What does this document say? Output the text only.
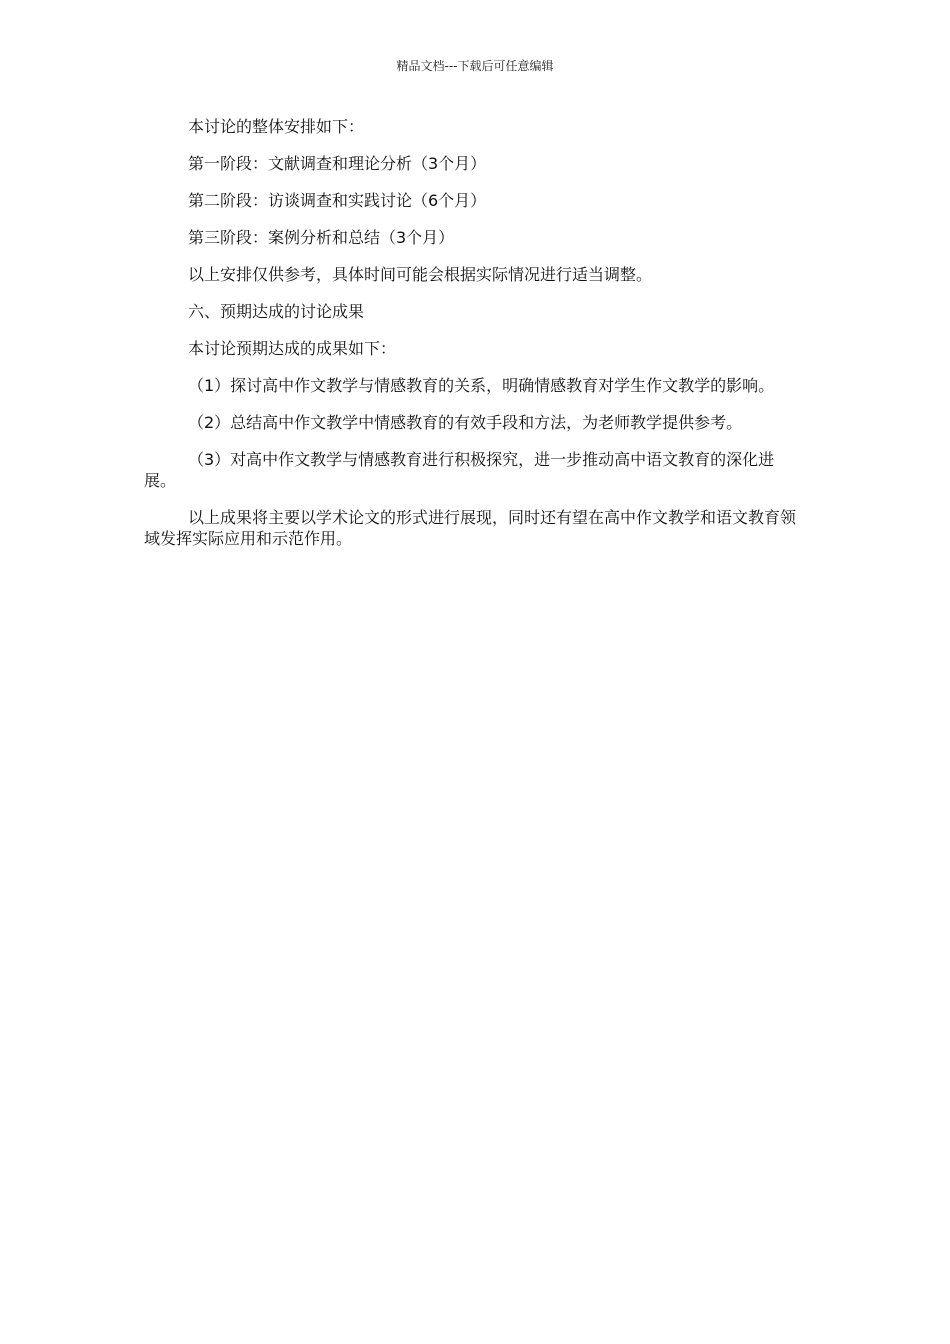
精品文档---下载后可任意编辑

本讨论的整体安排如下：

第一阶段：文献调查和理论分析（3个月）

第二阶段：访谈调查和实践讨论（6个月）

第三阶段：案例分析和总结（3个月）

以上安排仅供参考，具体时间可能会根据实际情况进行适当调整。

六、预期达成的讨论成果

本讨论预期达成的成果如下：

（1）探讨高中作文教学与情感教育的关系，明确情感教育对学生作文教学的影响。

（2）总结高中作文教学中情感教育的有效手段和方法，为老师教学提供参考。

（3）对高中作文教学与情感教育进行积极探究，进一步推动高中语文教育的深化进展。

以上成果将主要以学术论文的形式进行展现，同时还有望在高中作文教学和语文教育领域发挥实际应用和示范作用。
